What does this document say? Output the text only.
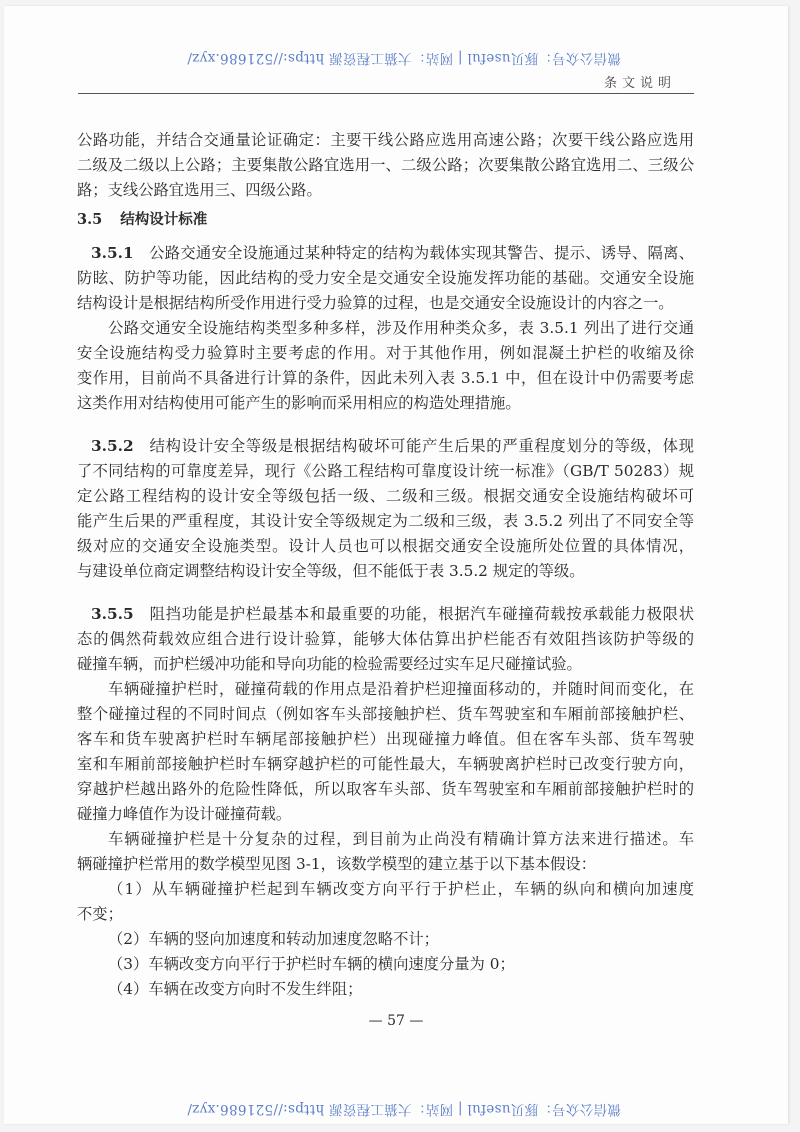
微信公众号：豚贝useful | 网站：大猫工程资源 https://521686.xyz/
条文说明
公路功能，并结合交通量论证确定：主要干线公路应选用高速公路；次要干线公路应选用
二级及二级以上公路；主要集散公路宜选用一、二级公路；次要集散公路宜选用二、三级公
路；支线公路宜选用三、四级公路。
3.5 结构设计标准
3.5.1  公路交通安全设施通过某种特定的结构为载体实现其警告、提示、诱导、隔离、
防眩、防护等功能，因此结构的受力安全是交通安全设施发挥功能的基础。交通安全设施
结构设计是根据结构所受作用进行受力验算的过程，也是交通安全设施设计的内容之一。
公路交通安全设施结构类型多种多样，涉及作用种类众多，表 3.5.1 列出了进行交通
安全设施结构受力验算时主要考虑的作用。对于其他作用，例如混凝土护栏的收缩及徐
变作用，目前尚不具备进行计算的条件，因此未列入表 3.5.1 中，但在设计中仍需要考虑
这类作用对结构使用可能产生的影响而采用相应的构造处理措施。
3.5.2  结构设计安全等级是根据结构破坏可能产生后果的严重程度划分的等级，体现
了不同结构的可靠度差异，现行《公路工程结构可靠度设计统一标准》（GB/T 50283）规
定公路工程结构的设计安全等级包括一级、二级和三级。根据交通安全设施结构破坏可
能产生后果的严重程度，其设计安全等级规定为二级和三级，表 3.5.2 列出了不同安全等
级对应的交通安全设施类型。设计人员也可以根据交通安全设施所处位置的具体情况，
与建设单位商定调整结构设计安全等级，但不能低于表 3.5.2 规定的等级。
3.5.5  阻挡功能是护栏最基本和最重要的功能，根据汽车碰撞荷载按承载能力极限状
态的偶然荷载效应组合进行设计验算，能够大体估算出护栏能否有效阻挡该防护等级的
碰撞车辆，而护栏缓冲功能和导向功能的检验需要经过实车足尺碰撞试验。
车辆碰撞护栏时，碰撞荷载的作用点是沿着护栏迎撞面移动的，并随时间而变化，在
整个碰撞过程的不同时间点（例如客车头部接触护栏、货车驾驶室和车厢前部接触护栏、
客车和货车驶离护栏时车辆尾部接触护栏）出现碰撞力峰值。但在客车头部、货车驾驶
室和车厢前部接触护栏时车辆穿越护栏的可能性最大，车辆驶离护栏时已改变行驶方向，
穿越护栏越出路外的危险性降低，所以取客车头部、货车驾驶室和车厢前部接触护栏时的
碰撞力峰值作为设计碰撞荷载。
车辆碰撞护栏是十分复杂的过程，到目前为止尚没有精确计算方法来进行描述。车
辆碰撞护栏常用的数学模型见图 3-1，该数学模型的建立基于以下基本假设：
（1）从车辆碰撞护栏起到车辆改变方向平行于护栏止，车辆的纵向和横向加速度
不变；
（2）车辆的竖向加速度和转动加速度忽略不计；
（3）车辆改变方向平行于护栏时车辆的横向速度分量为 0；
（4）车辆在改变方向时不发生绊阻；
— 57 —
微信公众号：豚贝useful | 网站：大猫工程资源 https://521686.xyz/
